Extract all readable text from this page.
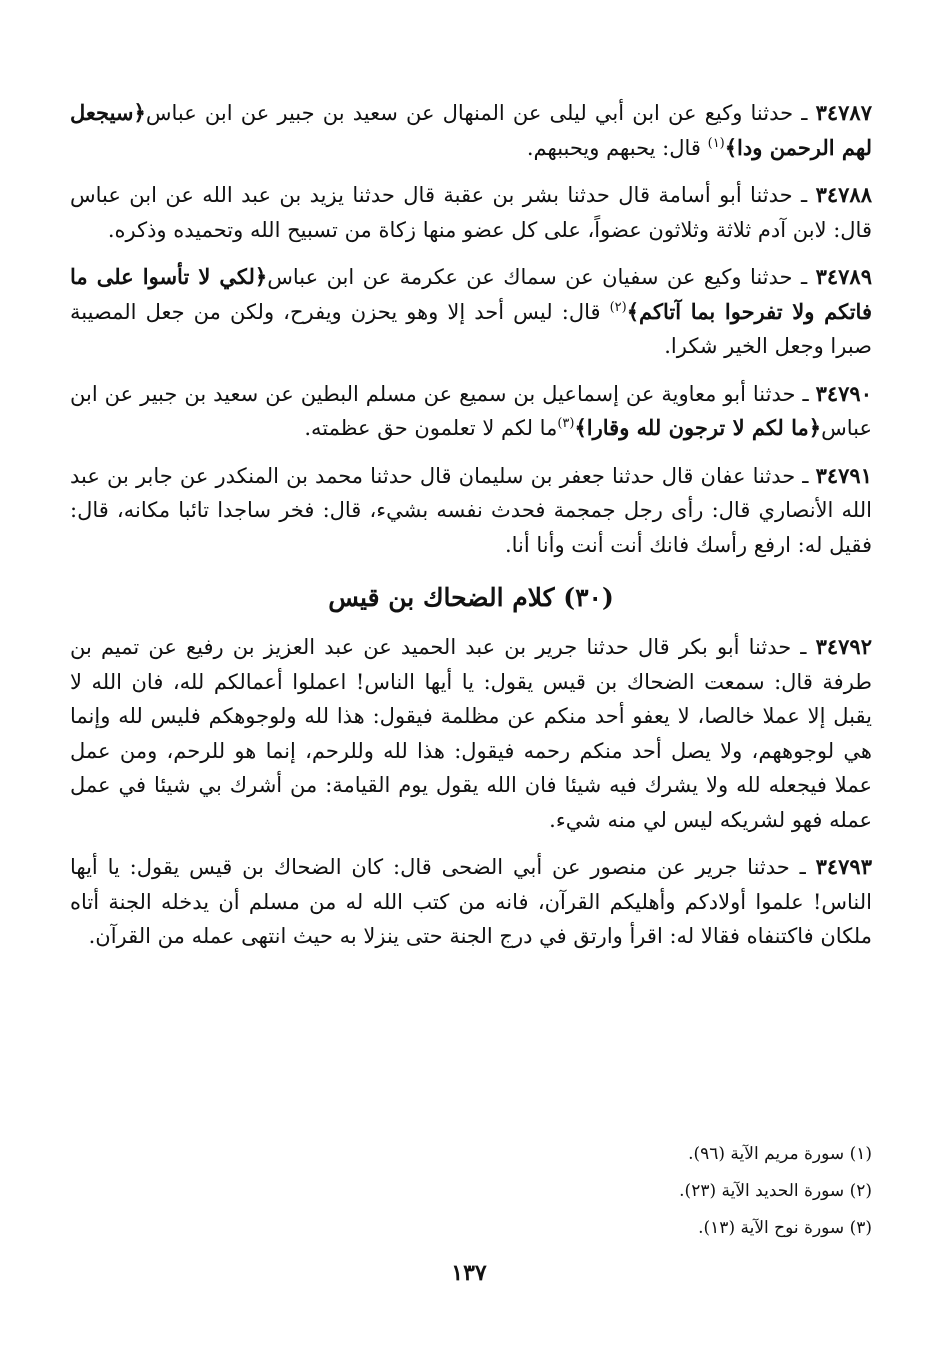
٣٤٧٨٧ ـ حدثنا وكيع عن ابن أبي ليلى عن المنهال عن سعيد بن جبير عن ابن عباس﴿سيجعل لهم الرحمن ودا﴾$^{(١)}$ قال: يحبهم ويحببهم.

٣٤٧٨٨ ـ حدثنا أبو أسامة قال حدثنا بشر بن عقبة قال حدثنا يزيد بن عبد الله عن ابن عباس قال: لابن آدم ثلاثة وثلاثون عضواً، على كل عضو منها زكاة من تسبيح الله وتحميده وذكره.

٣٤٧٨٩ ـ حدثنا وكيع عن سفيان عن سماك عن عكرمة عن ابن عباس﴿لكي لا تأسوا على ما فاتكم ولا تفرحوا بما آتاكم﴾$^{(٢)}$ قال: ليس أحد إلا وهو يحزن ويفرح، ولكن من جعل المصيبة صبرا وجعل الخير شكرا.

٣٤٧٩٠ ـ حدثنا أبو معاوية عن إسماعيل بن سميع عن مسلم البطين عن سعيد بن جبير عن ابن عباس﴿ما لكم لا ترجون لله وقارا﴾$^{(٣)}$ما لكم لا تعلمون حق عظمته.

٣٤٧٩١ ـ حدثنا عفان قال حدثنا جعفر بن سليمان قال حدثنا محمد بن المنكدر عن جابر بن عبد الله الأنصاري قال: رأى رجل جمجمة فحدث نفسه بشيء، قال: فخر ساجدا تائبا مكانه، قال: فقيل له: ارفع رأسك فانك أنت أنت وأنا أنا.

(٣٠) كلام الضحاك بن قيس

٣٤٧٩٢ ـ حدثنا أبو بكر قال حدثنا جرير بن عبد الحميد عن عبد العزيز بن رفيع عن تميم بن طرفة قال: سمعت الضحاك بن قيس يقول: يا أيها الناس! اعملوا أعمالكم لله، فان الله لا يقبل إلا عملا خالصا، لا يعفو أحد منكم عن مظلمة فيقول: هذا لله ولوجوهكم فليس لله وإنما هي لوجوههم، ولا يصل أحد منكم رحمه فيقول: هذا لله وللرحم، إنما هو للرحم، ومن عمل عملا فيجعله لله ولا يشرك فيه شيئا فان الله يقول يوم القيامة: من أشرك بي شيئا في عمل عمله فهو لشريكه ليس لي منه شيء.

٣٤٧٩٣ ـ حدثنا جرير عن منصور عن أبي الضحى قال: كان الضحاك بن قيس يقول: يا أيها الناس! علموا أولادكم وأهليكم القرآن، فانه من كتب الله له من مسلم أن يدخله الجنة أتاه ملكان فاكتنفاه فقالا له: اقرأ وارتق في درج الجنة حتى ينزلا به حيث انتهى عمله من القرآن.

(١) سورة مريم الآية (٩٦).
(٢) سورة الحديد الآية (٢٣).
(٣) سورة نوح الآية (١٣).
١٣٧
